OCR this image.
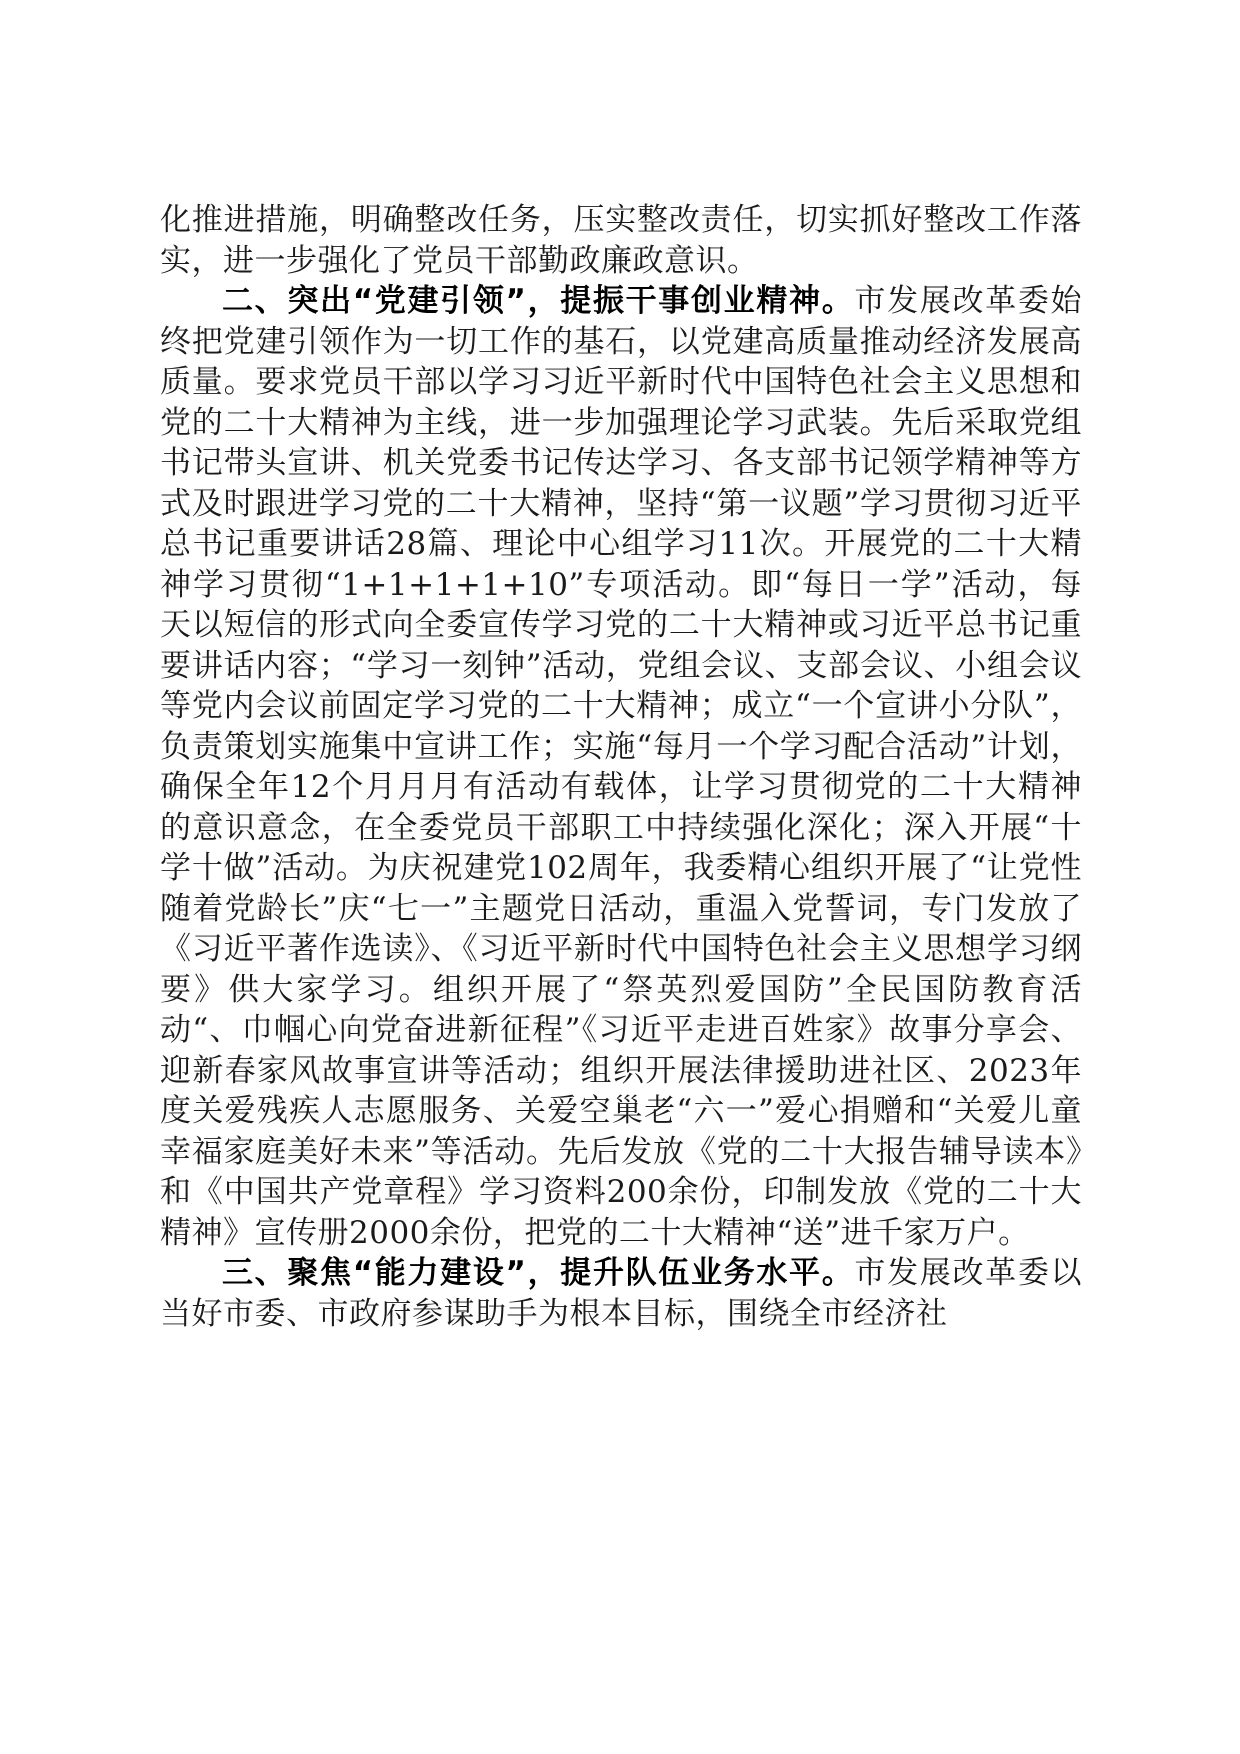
化推进措施，明确整改任务，压实整改责任，切实抓好整改工作落实，进一步强化了党员干部勤政廉政意识。

二、突出“党建引领”，提振干事创业精神。市发展改革委始终把党建引领作为一切工作的基石，以党建高质量推动经济发展高质量。要求党员干部以学习习近平新时代中国特色社会主义思想和党的二十大精神为主线，进一步加强理论学习武装。先后采取党组书记带头宣讲、机关党委书记传达学习、各支部书记领学精神等方式及时跟进学习党的二十大精神，坚持“第一议题”学习贯彻习近平总书记重要讲话28篇、理论中心组学习11次。开展党的二十大精神学习贯彻“1+1+1+1+10”专项活动。即“每日一学”活动，每天以短信的形式向全委宣传学习党的二十大精神或习近平总书记重要讲话内容；“学习一刻钟”活动，党组会议、支部会议、小组会议等党内会议前固定学习党的二十大精神；成立“一个宣讲小分队”，负责策划实施集中宣讲工作；实施“每月一个学习配合活动”计划，确保全年12个月月月有活动有载体，让学习贯彻党的二十大精神的意识意念，在全委党员干部职工中持续强化深化；深入开展“十学十做”活动。为庆祝建党102周年，我委精心组织开展了“让党性随着党龄长”庆“七一”主题党日活动，重温入党誓词，专门发放了《习近平著作选读》、《习近平新时代中国特色社会主义思想学习纲要》供大家学习。组织开展了“祭英烈爱国防”全民国防教育活动“、巾帼心向党奋进新征程”《习近平走进百姓家》故事分享会、迎新春家风故事宣讲等活动；组织开展法律援助进社区、2023年度关爱残疾人志愿服务、关爱空巢老“六一”爱心捐赠和“关爱儿童幸福家庭美好未来”等活动。先后发放《党的二十大报告辅导读本》和《中国共产党章程》学习资料200余份，印制发放《党的二十大精神》宣传册2000余份，把党的二十大精神“送”进千家万户。

三、聚焦“能力建设”，提升队伍业务水平。市发展改革委以当好市委、市政府参谋助手为根本目标，围绕全市经济社
